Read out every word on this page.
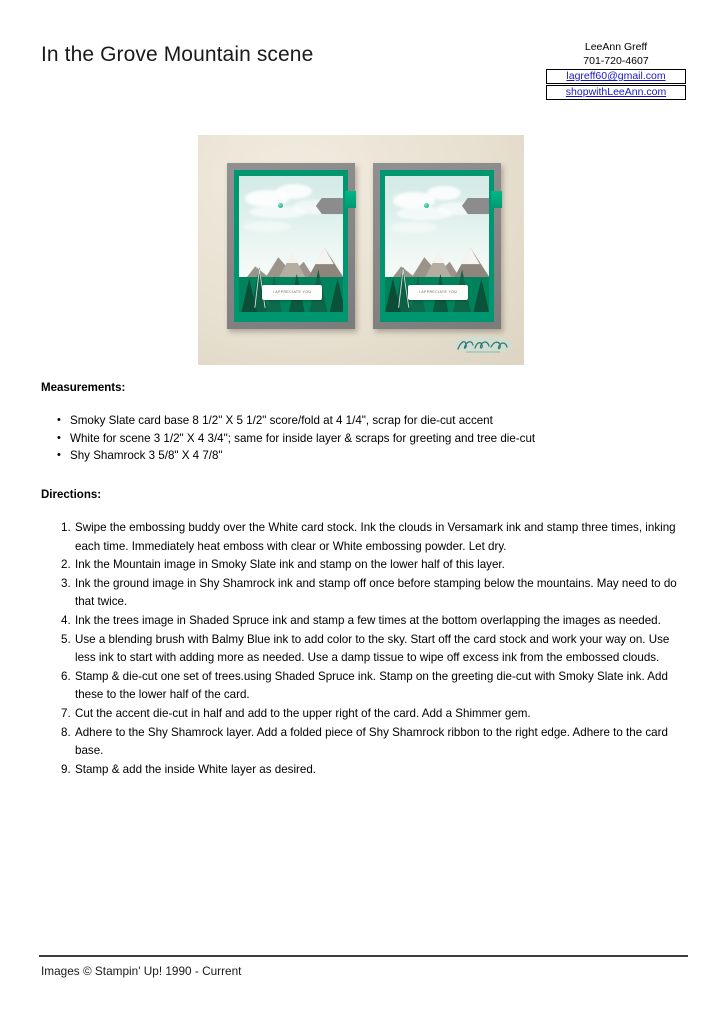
In the Grove Mountain scene	LeeAnn Greff
701-720-4607
lagreff60@gmail.com
shopwithLeeAnn.com
I APPRECIATE YOU	I APPRECIATE YOU
Measurements:
• Smoky Slate card base 8 1/2" X 5 1/2" score/fold at 4 1/4", scrap for die-cut accent
• White for scene 3 1/2" X 4 3/4"; same for inside layer & scraps for greeting and tree die-cut
• Shy Shamrock 3 5/8" X 4 7/8"
Directions:
Swipe the embossing buddy over the White card stock. Ink the clouds in Versamark ink and stamp three times, inking each time. Immediately heat emboss with clear or White embossing powder. Let dry.
Ink the Mountain image in Smoky Slate ink and stamp on the lower half of this layer.
Ink the ground image in Shy Shamrock ink and stamp off once before stamping below the mountains. May need to do that twice.
Ink the trees image in Shaded Spruce ink and stamp a few times at the bottom overlapping the images as needed.
Use a blending brush with Balmy Blue ink to add color to the sky. Start off the card stock and work your way on. Use less ink to start with adding more as needed. Use a damp tissue to wipe off excess ink from the embossed clouds.
Stamp & die-cut one set of trees.using Shaded Spruce ink. Stamp on the greeting die-cut with Smoky Slate ink. Add these to the lower half of the card.
Cut the accent die-cut in half and add to the upper right of the card. Add a Shimmer gem.
Adhere to the Shy Shamrock layer. Add a folded piece of Shy Shamrock ribbon to the right edge. Adhere to the card base.
Stamp & add the inside White layer as desired.
Images © Stampin' Up! 1990 - Current
